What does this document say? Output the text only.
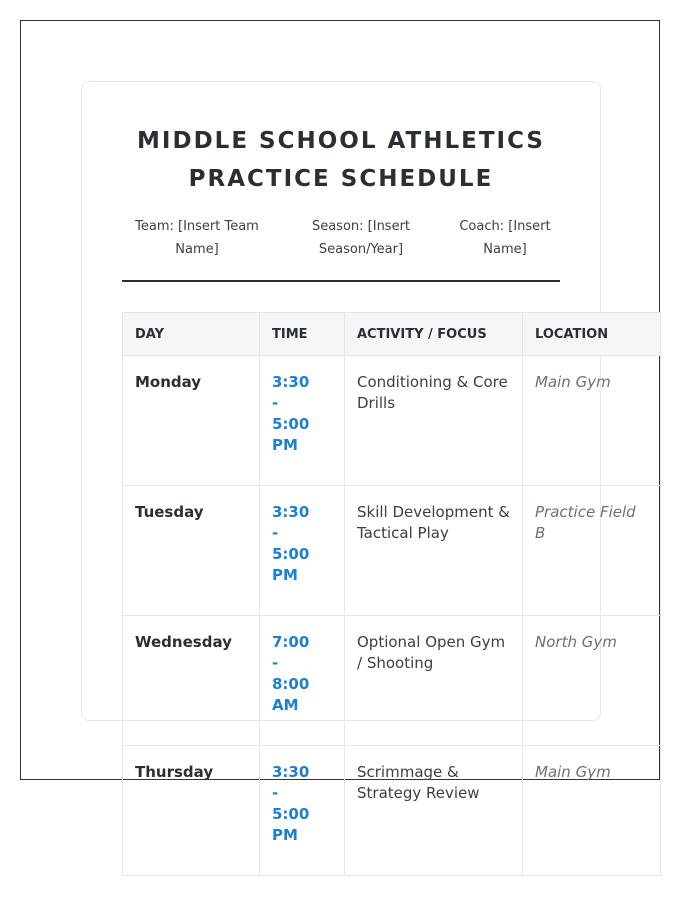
MIDDLE SCHOOL ATHLETICS
PRACTICE SCHEDULE
Team: [Insert Team Name]
Season: [Insert Season/Year]
Coach: [Insert Name]
DAY	TIME	ACTIVITY / FOCUS	LOCATION
Monday	3:30 - 5:00 PM	Conditioning & Core Drills	Main Gym
Tuesday	3:30 - 5:00 PM	Skill Development & Tactical Play	Practice Field B
Wednesday	7:00 - 8:00 AM	Optional Open Gym / Shooting	North Gym
Thursday	3:30 - 5:00 PM	Scrimmage & Strategy Review	Main Gym
